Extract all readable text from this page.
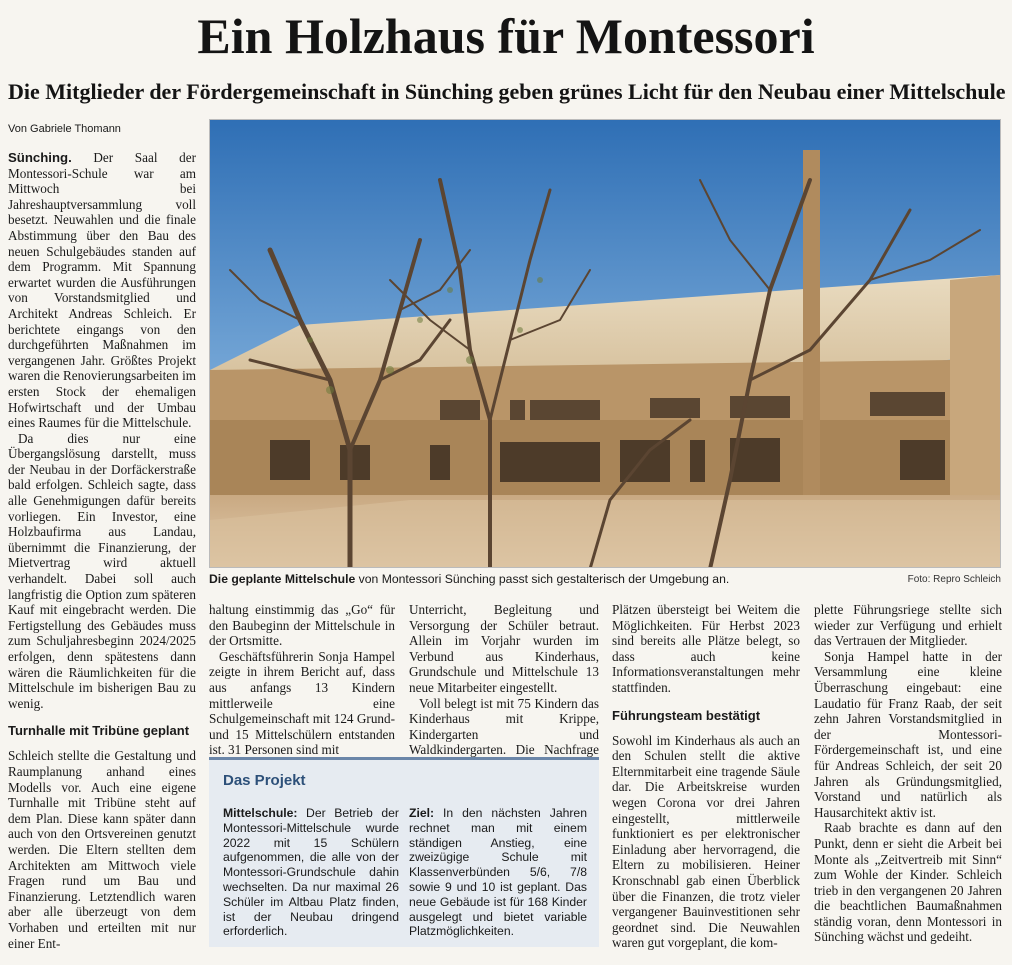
Ein Holzhaus für Montessori
Die Mitglieder der Fördergemeinschaft in Sünching geben grünes Licht für den Neubau einer Mittelschule
Von Gabriele Thomann

Sünching. Der Saal der Montessori-Schule war am Mittwoch bei Jahreshauptversammlung voll besetzt. Neuwahlen und die finale Abstimmung über den Bau des neuen Schulgebäudes standen auf dem Programm. Mit Spannung erwartet wurden die Ausführungen von Vorstandsmitglied und Architekt Andreas Schleich. Er berichtete eingangs von den durchgeführten Maßnahmen im vergangenen Jahr. Größtes Projekt waren die Renovierungsarbeiten im ersten Stock der ehemaligen Hofwirtschaft und der Umbau eines Raumes für die Mittelschule.

Da dies nur eine Übergangslösung darstellt, muss der Neubau in der Dorfäckerstraße bald erfolgen. Schleich sagte, dass alle Genehmigungen dafür bereits vorliegen. Ein Investor, eine Holzbaufirma aus Landau, übernimmt die Finanzierung, der Mietvertrag wird aktuell verhandelt. Dabei soll auch langfristig die Option zum späteren Kauf mit eingebracht werden. Die Fertigstellung des Gebäudes muss zum Schuljahresbeginn 2024/2025 erfolgen, denn spätestens dann wären die Räumlichkeiten für die Mittelschule im bisherigen Bau zu wenig.

Turnhalle mit Tribüne geplant

Schleich stellte die Gestaltung und Raumplanung anhand eines Modells vor. Auch eine eigene Turnhalle mit Tribüne steht auf dem Plan. Diese kann später dann auch von den Ortsvereinen genutzt werden. Die Eltern stellten dem Architekten am Mittwoch viele Fragen rund um Bau und Finanzierung. Letztendlich waren aber alle überzeugt von dem Vorhaben und erteilten mit nur einer Ent-

Die geplante Mittelschule von Montessori Sünching passt sich gestalterisch der Umgebung an.	Foto: Repro Schleich

haltung einstimmig das „Go“ für den Baubeginn der Mittelschule in der Ortsmitte.

Geschäftsführerin Sonja Hampel zeigte in ihrem Bericht auf, dass aus anfangs 13 Kindern mittlerweile eine Schulgemeinschaft mit 124 Grund- und 15 Mittelschülern entstanden ist. 31 Personen sind mit

Unterricht, Begleitung und Versorgung der Schüler betraut. Allein im Vorjahr wurden im Verbund aus Kinderhaus, Grundschule und Mittelschule 13 neue Mitarbeiter eingestellt.

Voll belegt ist mit 75 Kindern das Kinderhaus mit Krippe, Kindergarten und Waldkindergarten. Die Nachfrage

Plätzen übersteigt bei Weitem die Möglichkeiten. Für Herbst 2023 sind bereits alle Plätze belegt, so dass auch keine Informationsveranstaltungen mehr stattfinden.

Führungsteam bestätigt

Sowohl im Kinderhaus als auch an den Schulen stellt die aktive Elternmitarbeit eine tragende Säule dar. Die Arbeitskreise wurden wegen Corona vor drei Jahren eingestellt, mittlerweile funktioniert es per elektronischer Einladung aber hervorragend, die Eltern zu mobilisieren. Heiner Kronschnabl gab einen Überblick über die Finanzen, die trotz vieler vergangener Bauinvestitionen sehr geordnet sind. Die Neuwahlen waren gut vorgeplant, die kom-

plette Führungsriege stellte sich wieder zur Verfügung und erhielt das Vertrauen der Mitglieder.

Sonja Hampel hatte in der Versammlung eine kleine Überraschung eingebaut: eine Laudatio für Franz Raab, der seit zehn Jahren Vorstandsmitglied in der Montessori-Fördergemeinschaft ist, und eine für Andreas Schleich, der seit 20 Jahren als Gründungsmitglied, Vorstand und natürlich als Hausarchitekt aktiv ist.

Raab brachte es dann auf den Punkt, denn er sieht die Arbeit bei Monte als „Zeitvertreib mit Sinn“ zum Wohle der Kinder. Schleich trieb in den vergangenen 20 Jahren die beachtlichen Baumaßnahmen ständig voran, denn Montessori in Sünching wächst und gedeiht.

Das Projekt
Mittelschule: Der Betrieb der Montessori-Mittelschule wurde 2022 mit 15 Schülern aufgenommen, die alle von der Montessori-Grundschule dahin wechselten. Da nur maximal 26 Schüler im Altbau Platz finden, ist der Neubau dringend erforderlich.
Ziel: In den nächsten Jahren rechnet man mit einem ständigen Anstieg, eine zweizügige Schule mit Klassenverbünden 5/6, 7/8 sowie 9 und 10 ist geplant. Das neue Gebäude ist für 168 Kinder ausgelegt und bietet variable Platzmöglichkeiten.
